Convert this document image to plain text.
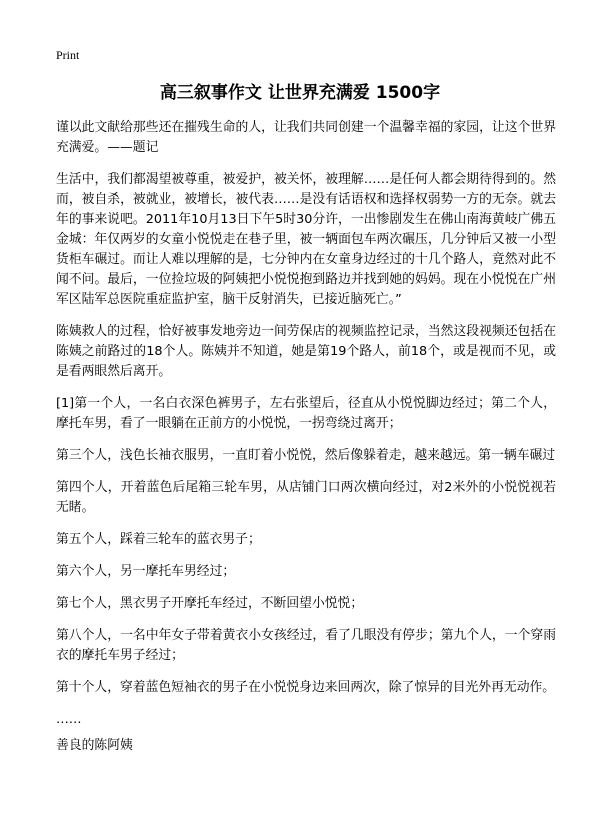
Print
高三叙事作文 让世界充满爱 1500字

谨以此文献给那些还在摧残生命的人，让我们共同创建一个温馨幸福的家园，让这个世界充满爱。——题记

生活中，我们都渴望被尊重，被爱护，被关怀，被理解……是任何人都会期待得到的。然而，被自杀，被就业，被增长，被代表……是没有话语权和选择权弱势一方的无奈。就去年的事来说吧。2011年10月13日下午5时30分许，一出惨剧发生在佛山南海黄岐广佛五金城：年仅两岁的女童小悦悦走在巷子里，被一辆面包车两次碾压，几分钟后又被一小型货柜车碾过。而让人难以理解的是，七分钟内在女童身边经过的十几个路人，竟然对此不闻不问。最后，一位捡垃圾的阿姨把小悦悦抱到路边并找到她的妈妈。现在小悦悦在广州军区陆军总医院重症监护室，脑干反射消失，已接近脑死亡。”

陈姨救人的过程，恰好被事发地旁边一间劳保店的视频监控记录，当然这段视频还包括在陈姨之前路过的18个人。陈姨并不知道，她是第19个路人，前18个，或是视而不见，或是看两眼然后离开。

[1]第一个人，一名白衣深色裤男子，左右张望后，径直从小悦悦脚边经过；第二个人，摩托车男，看了一眼躺在正前方的小悦悦，一拐弯绕过离开；

第三个人，浅色长袖衣服男，一直盯着小悦悦，然后像躲着走，越来越远。第一辆车碾过

第四个人，开着蓝色后尾箱三轮车男，从店铺门口两次横向经过，对2米外的小悦悦视若无睹。

第五个人，踩着三轮车的蓝衣男子；

第六个人，另一摩托车男经过；

第七个人，黑衣男子开摩托车经过，不断回望小悦悦；

第八个人，一名中年女子带着黄衣小女孩经过，看了几眼没有停步；第九个人，一个穿雨衣的摩托车男子经过；

第十个人，穿着蓝色短袖衣的男子在小悦悦身边来回两次，除了惊异的目光外再无动作。

……

善良的陈阿姨
